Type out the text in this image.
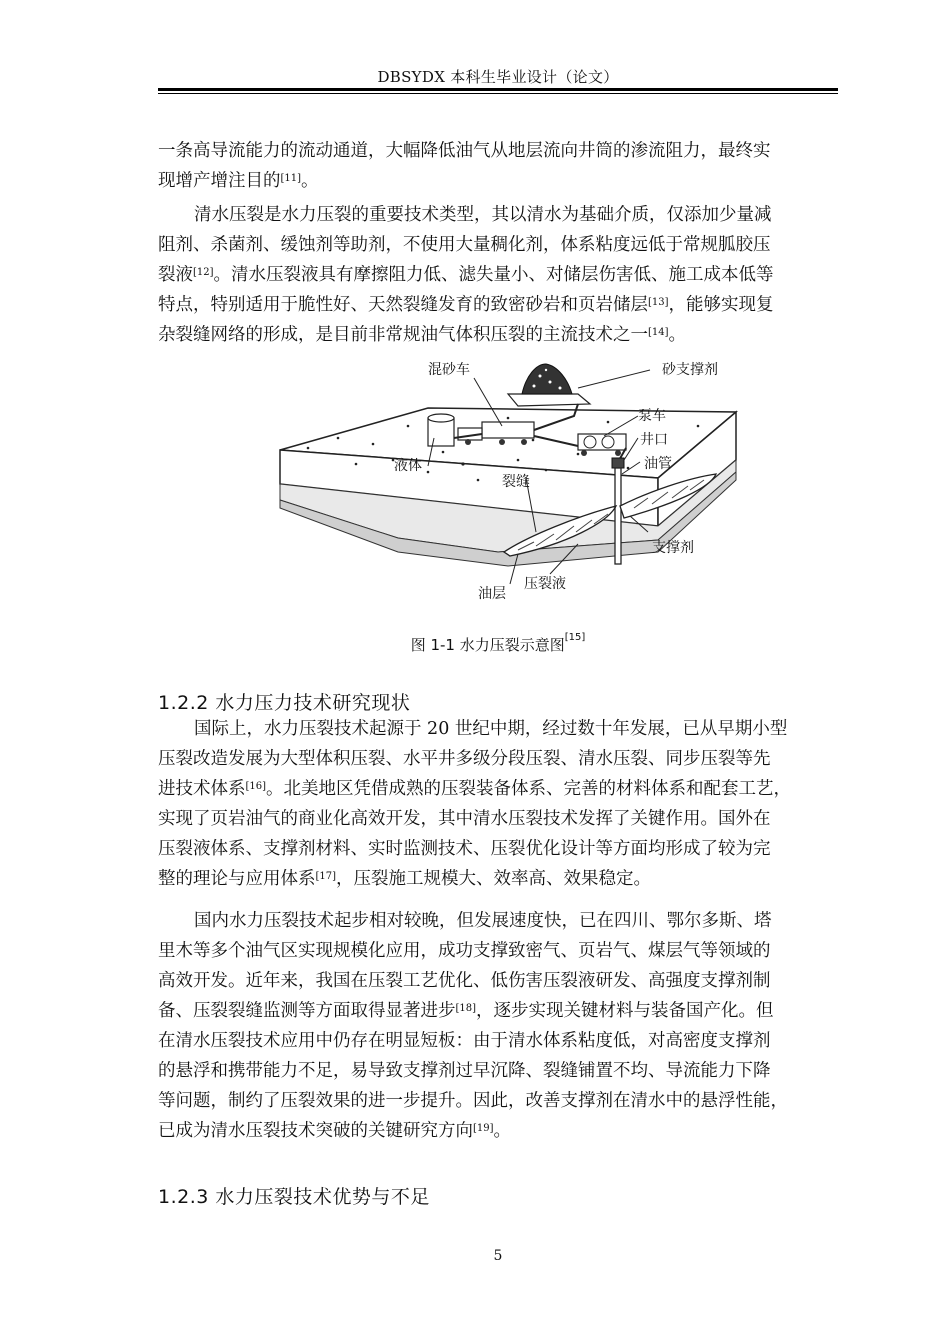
DBSYDX 本科生毕业设计（论文）
一条高导流能力的流动通道，大幅降低油气从地层流向井筒的渗流阻力，最终实
现增产增注目的[11]。
清水压裂是水力压裂的重要技术类型，其以清水为基础介质，仅添加少量减
阻剂、杀菌剂、缓蚀剂等助剂，不使用大量稠化剂，体系粘度远低于常规胍胶压
裂液[12]。清水压裂液具有摩擦阻力低、滤失量小、对储层伤害低、施工成本低等
特点，特别适用于脆性好、天然裂缝发育的致密砂岩和页岩储层[13]，能够实现复
杂裂缝网络的形成，是目前非常规油气体积压裂的主流技术之一[14]。
混砂车	砂支撑剂
泵车
井口
液体	油管
裂缝
支撑剂
油层
压裂液
图 1-1 水力压裂示意图[15]
1.2.2 水力压力技术研究现状
国际上，水力压裂技术起源于 20 世纪中期，经过数十年发展，已从早期小型
压裂改造发展为大型体积压裂、水平井多级分段压裂、清水压裂、同步压裂等先
进技术体系[16]。北美地区凭借成熟的压裂装备体系、完善的材料体系和配套工艺，
实现了页岩油气的商业化高效开发，其中清水压裂技术发挥了关键作用。国外在
压裂液体系、支撑剂材料、实时监测技术、压裂优化设计等方面均形成了较为完
整的理论与应用体系[17]，压裂施工规模大、效率高、效果稳定。
国内水力压裂技术起步相对较晚，但发展速度快，已在四川、鄂尔多斯、塔
里木等多个油气区实现规模化应用，成功支撑致密气、页岩气、煤层气等领域的
高效开发。近年来，我国在压裂工艺优化、低伤害压裂液研发、高强度支撑剂制
备、压裂裂缝监测等方面取得显著进步[18]，逐步实现关键材料与装备国产化。但
在清水压裂技术应用中仍存在明显短板：由于清水体系粘度低，对高密度支撑剂
的悬浮和携带能力不足，易导致支撑剂过早沉降、裂缝铺置不均、导流能力下降
等问题，制约了压裂效果的进一步提升。因此，改善支撑剂在清水中的悬浮性能，
已成为清水压裂技术突破的关键研究方向[19]。
1.2.3 水力压裂技术优势与不足
5
